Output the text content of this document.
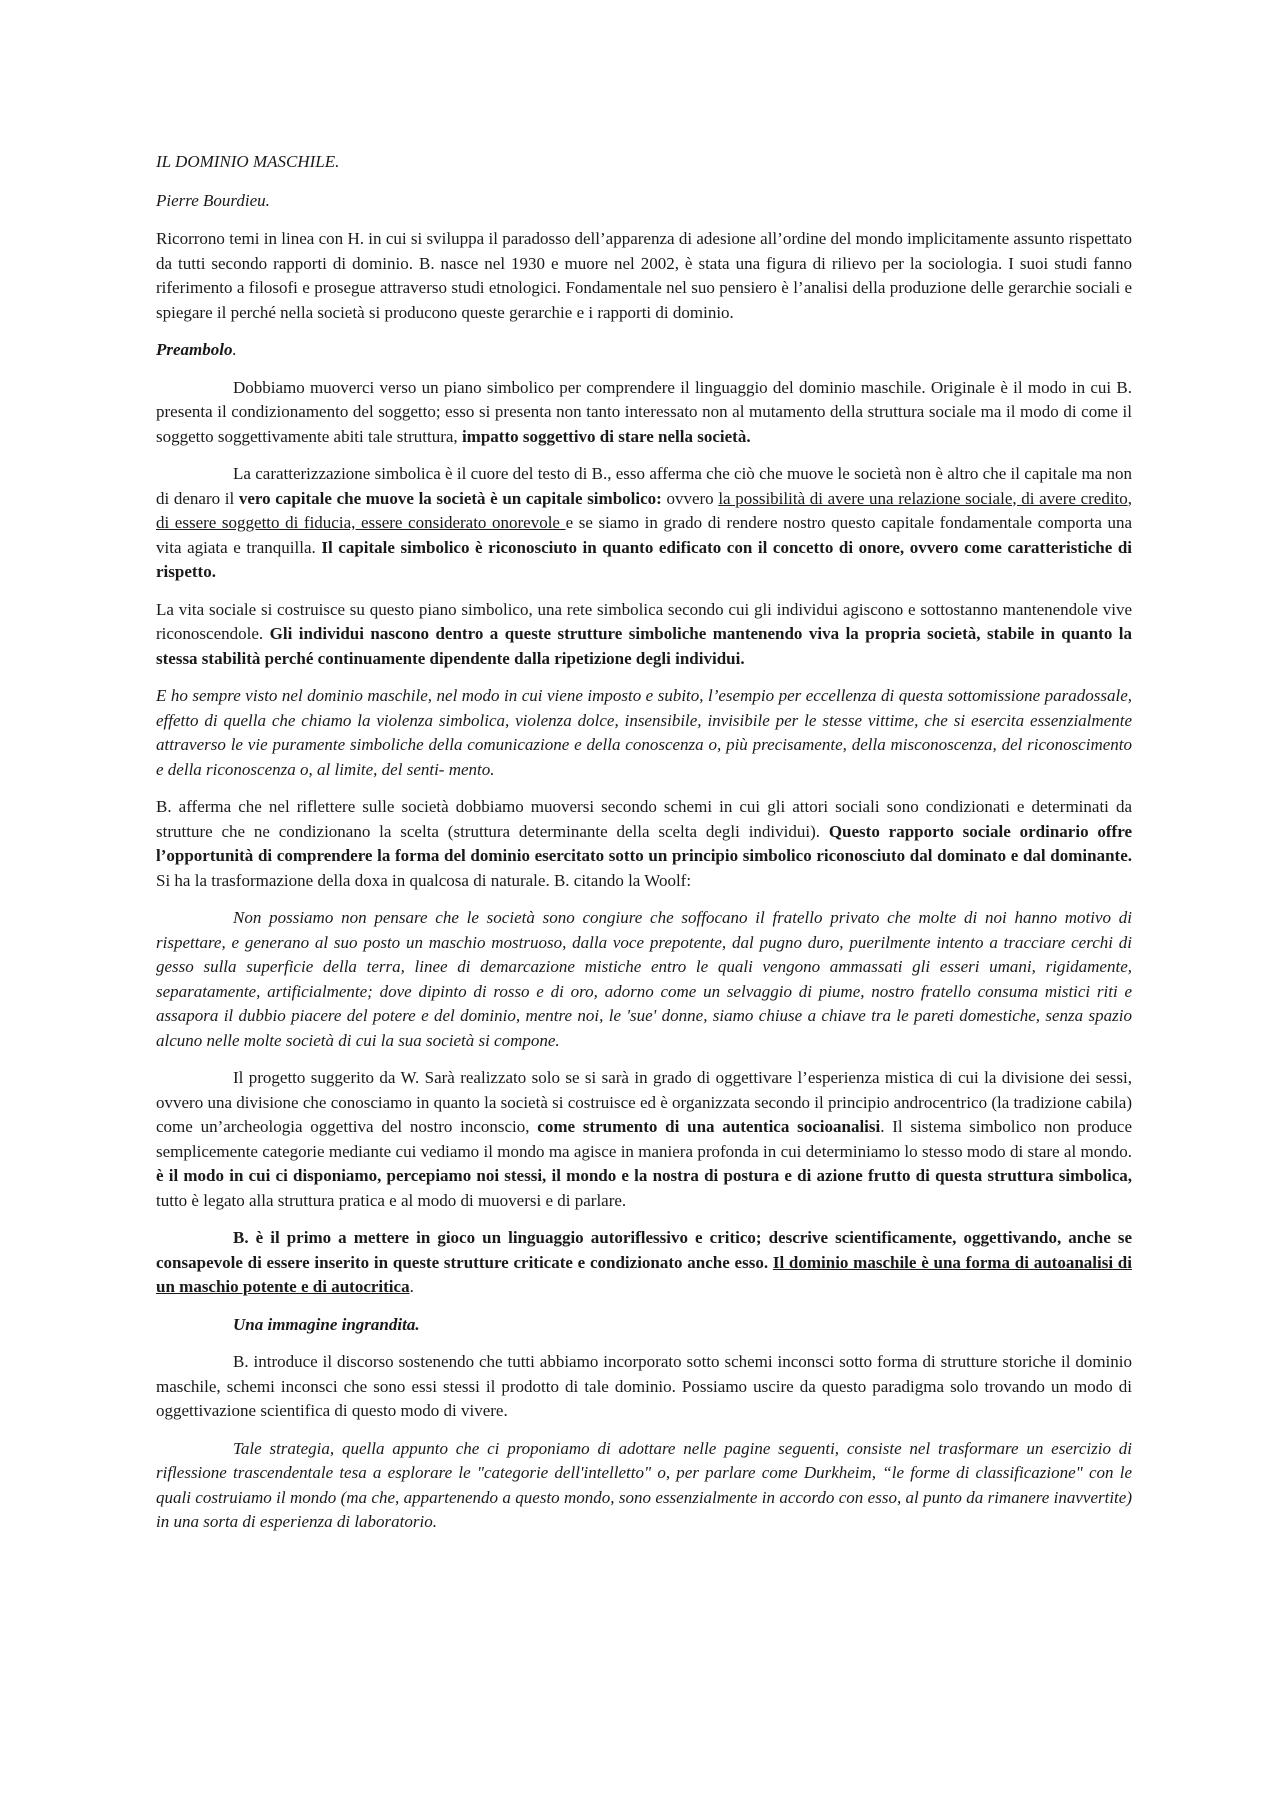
IL DOMINIO MASCHILE.

Pierre Bourdieu.

Ricorrono temi in linea con H. in cui si sviluppa il paradosso dell’apparenza di adesione all’ordine del mondo implicitamente assunto rispettato da tutti secondo rapporti di dominio. B. nasce nel 1930 e muore nel 2002, è stata una figura di rilievo per la sociologia. I suoi studi fanno riferimento a filosofi e prosegue attraverso studi etnologici. Fondamentale nel suo pensiero è l’analisi della produzione delle gerarchie sociali e spiegare il perché nella società si producono queste gerarchie e i rapporti di dominio.

Preambolo.

Dobbiamo muoverci verso un piano simbolico per comprendere il linguaggio del dominio maschile. Originale è il modo in cui B. presenta il condizionamento del soggetto; esso si presenta non tanto interessato non al mutamento della struttura sociale ma il modo di come il soggetto soggettivamente abiti tale struttura, impatto soggettivo di stare nella società.

La caratterizzazione simbolica è il cuore del testo di B., esso afferma che ciò che muove le società non è altro che il capitale ma non di denaro il vero capitale che muove la società è un capitale simbolico: ovvero la possibilità di avere una relazione sociale, di avere credito, di essere soggetto di fiducia, essere considerato onorevole e se siamo in grado di rendere nostro questo capitale fondamentale comporta una vita agiata e tranquilla. Il capitale simbolico è riconosciuto in quanto edificato con il concetto di onore, ovvero come caratteristiche di rispetto.

La vita sociale si costruisce su questo piano simbolico, una rete simbolica secondo cui gli individui agiscono e sottostanno mantenendole vive riconoscendole. Gli individui nascono dentro a queste strutture simboliche mantenendo viva la propria società, stabile in quanto la stessa stabilità perché continuamente dipendente dalla ripetizione degli individui.

E ho sempre visto nel dominio maschile, nel modo in cui viene imposto e subito, l’esempio per eccellenza di questa sottomissione paradossale, effetto di quella che chiamo la violenza simbolica, violenza dolce, insensibile, invisibile per le stesse vittime, che si esercita essenzialmente attraverso le vie puramente simboliche della comunicazione e della conoscenza o, più precisamente, della misconoscenza, del riconoscimento e della riconoscenza o, al limite, del senti- mento.

B. afferma che nel riflettere sulle società dobbiamo muoversi secondo schemi in cui gli attori sociali sono condizionati e determinati da strutture che ne condizionano la scelta (struttura determinante della scelta degli individui). Questo rapporto sociale ordinario offre l’opportunità di comprendere la forma del dominio esercitato sotto un principio simbolico riconosciuto dal dominato e dal dominante. Si ha la trasformazione della doxa in qualcosa di naturale. B. citando la Woolf:

Non possiamo non pensare che le società sono congiure che soffocano il fratello privato che molte di noi hanno motivo di rispettare, e generano al suo posto un maschio mostruoso, dalla voce prepotente, dal pugno duro, puerilmente intento a tracciare cerchi di gesso sulla superficie della terra, linee di demarcazione mistiche entro le quali vengono ammassati gli esseri umani, rigidamente, separatamente, artificialmente; dove dipinto di rosso e di oro, adorno come un selvaggio di piume, nostro fratello consuma mistici riti e assapora il dubbio piacere del potere e del dominio, mentre noi, le 'sue' donne, siamo chiuse a chiave tra le pareti domestiche, senza spazio alcuno nelle molte società di cui la sua società si compone.

Il progetto suggerito da W. Sarà realizzato solo se si sarà in grado di oggettivare l’esperienza mistica di cui la divisione dei sessi, ovvero una divisione che conosciamo in quanto la società si costruisce ed è organizzata secondo il principio androcentrico (la tradizione cabila) come un’archeologia oggettiva del nostro inconscio, come strumento di una autentica socioanalisi. Il sistema simbolico non produce semplicemente categorie mediante cui vediamo il mondo ma agisce in maniera profonda in cui determiniamo lo stesso modo di stare al mondo. è il modo in cui ci disponiamo, percepiamo noi stessi, il mondo e la nostra di postura e di azione frutto di questa struttura simbolica, tutto è legato alla struttura pratica e al modo di muoversi e di parlare.

B. è il primo a mettere in gioco un linguaggio autoriflessivo e critico; descrive scientificamente, oggettivando, anche se consapevole di essere inserito in queste strutture criticate e condizionato anche esso. Il dominio maschile è una forma di autoanalisi di un maschio potente e di autocritica.

Una immagine ingrandita.

B. introduce il discorso sostenendo che tutti abbiamo incorporato sotto schemi inconsci sotto forma di strutture storiche il dominio maschile, schemi inconsci che sono essi stessi il prodotto di tale dominio. Possiamo uscire da questo paradigma solo trovando un modo di oggettivazione scientifica di questo modo di vivere.

Tale strategia, quella appunto che ci proponiamo di adottare nelle pagine seguenti, consiste nel trasformare un esercizio di riflessione trascendentale tesa a esplorare le "categorie dell'intelletto" o, per parlare come Durkheim, “le forme di classificazione" con le quali costruiamo il mondo (ma che, appartenendo a questo mondo, sono essenzialmente in accordo con esso, al punto da rimanere inavvertite) in una sorta di esperienza di laboratorio.
